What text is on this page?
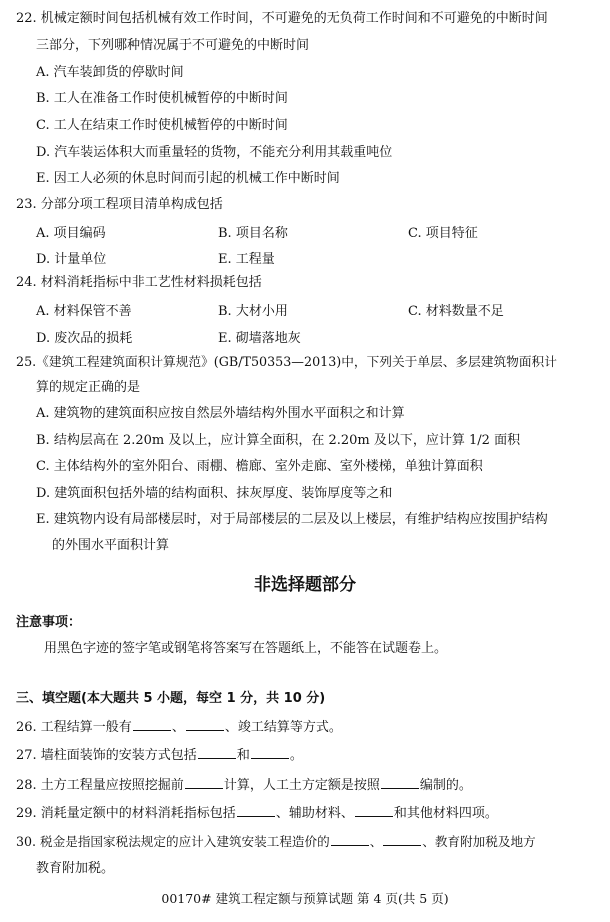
22. 机械定额时间包括机械有效工作时间，不可避免的无负荷工作时间和不可避免的中断时间
三部分，下列哪种情况属于不可避免的中断时间
A. 汽车装卸货的停歇时间
B. 工人在准备工作时使机械暂停的中断时间
C. 工人在结束工作时使机械暂停的中断时间
D. 汽车装运体积大而重量轻的货物，不能充分利用其载重吨位
E. 因工人必须的休息时间而引起的机械工作中断时间
23. 分部分项工程项目清单构成包括
A. 项目编码	B. 项目名称	C. 项目特征
D. 计量单位	E. 工程量
24. 材料消耗指标中非工艺性材料损耗包括
A. 材料保管不善	B. 大材小用	C. 材料数量不足
D. 废次品的损耗	E. 砌墙落地灰
25.《建筑工程建筑面积计算规范》(GB/T50353—2013)中，下列关于单层、多层建筑物面积计
算的规定正确的是
A. 建筑物的建筑面积应按自然层外墙结构外围水平面积之和计算
B. 结构层高在 2.20m 及以上，应计算全面积，在 2.20m 及以下，应计算 1/2 面积
C. 主体结构外的室外阳台、雨棚、檐廊、室外走廊、室外楼梯，单独计算面积
D. 建筑面积包括外墙的结构面积、抹灰厚度、装饰厚度等之和
E. 建筑物内设有局部楼层时，对于局部楼层的二层及以上楼层，有维护结构应按围护结构
的外围水平面积计算
非选择题部分
注意事项：
用黑色字迹的签字笔或钢笔将答案写在答题纸上，不能答在试题卷上。
三、填空题(本大题共 5 小题，每空 1 分，共 10 分)
26. 工程结算一般有	、	、竣工结算等方式。
27. 墙柱面装饰的安装方式包括	和	。
28. 土方工程量应按照挖掘前	计算，人工土方定额是按照	编制的。
29. 消耗量定额中的材料消耗指标包括	、辅助材料、	和其他材料四项。
30. 税金是指国家税法规定的应计入建筑安装工程造价的	、	、教育附加税及地方
教育附加税。
00170# 建筑工程定额与预算试题 第 4 页(共 5 页)
